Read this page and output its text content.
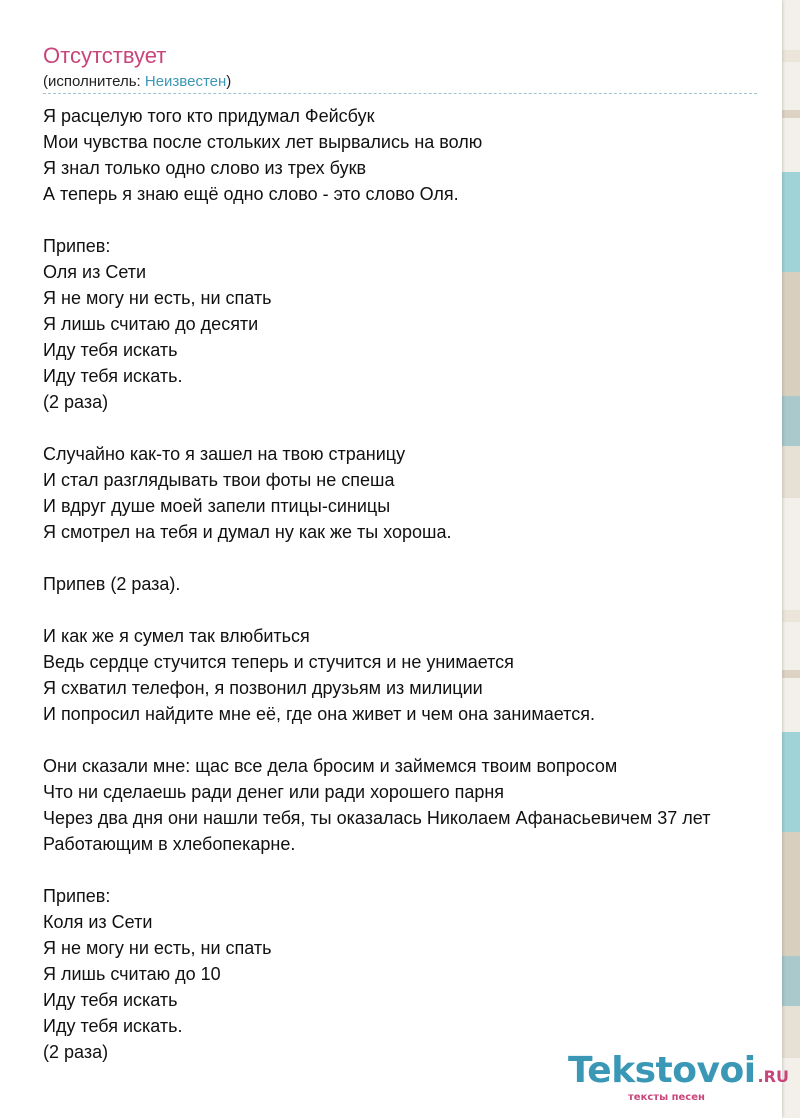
Отсутствует
(исполнитель: Неизвестен)
Я расцелую того кто придумал Фейсбук
Мои чувства после стольких лет вырвались на волю
Я знал только одно слово из трех букв
А теперь я знаю ещё одно слово - это слово Оля.
Припев:
Оля из Сети
Я не могу ни есть, ни спать
Я лишь считаю до десяти
Иду тебя искать
Иду тебя искать.
(2 раза)
Случайно как-то я зашел на твою страницу
И стал разглядывать твои фоты не спеша
И вдруг душе моей запели птицы-синицы
Я смотрел на тебя и думал ну как же ты хороша.
Припев (2 раза).
И как же я сумел так влюбиться
Ведь сердце стучится теперь и стучится и не унимается
Я схватил телефон, я позвонил друзьям из милиции
И попросил найдите мне её, где она живет и чем она занимается.
Они сказали мне: щас все дела бросим и займемся твоим вопросом
Что ни сделаешь ради денег или ради хорошего парня
Через два дня они нашли тебя, ты оказалась Николаем Афанасьевичем 37 лет
Работающим в хлебопекарне.
Припев:
Коля из Сети
Я не могу ни есть, ни спать
Я лишь считаю до 10
Иду тебя искать
Иду тебя искать.
(2 раза)	Tekstovoi .RU
тексты песен
